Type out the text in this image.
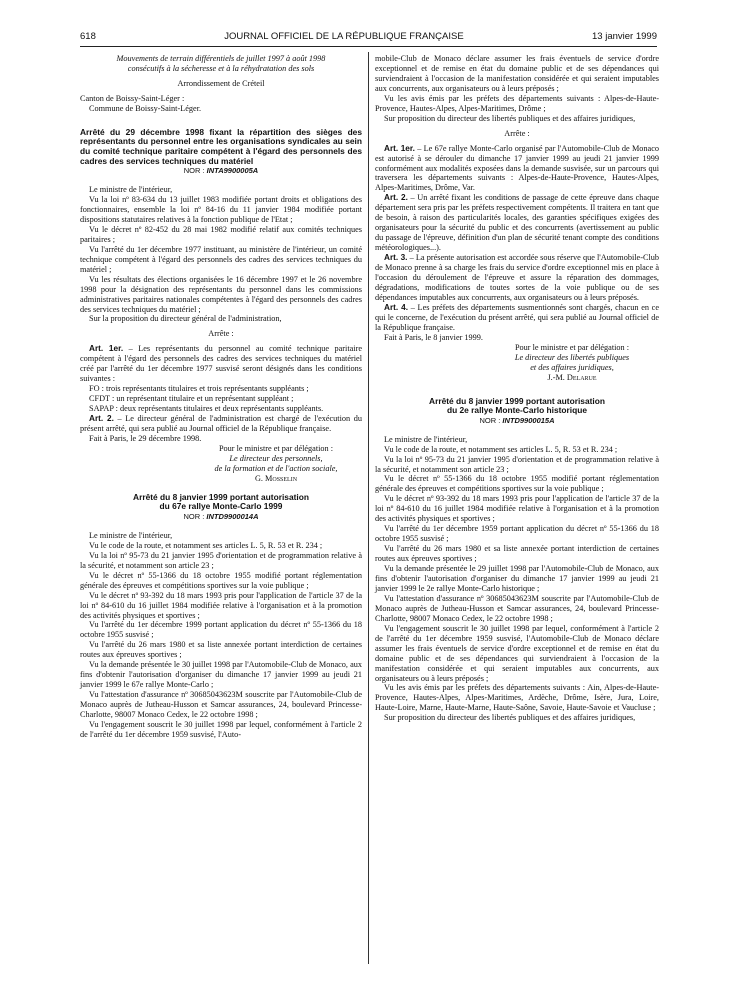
618	JOURNAL OFFICIEL DE LA RÉPUBLIQUE FRANÇAISE	13 janvier 1999

Mouvements de terrain différentiels de juillet 1997 à août 1998

consécutifs à la sécheresse et à la réhydratation des sols

Arrondissement de Créteil

Canton de Boissy-Saint-Léger :

Commune de Boissy-Saint-Léger.

Arrêté du 29 décembre 1998 fixant la répartition des sièges des représentants du personnel entre les organisations syndicales au sein du comité technique paritaire compétent à l'égard des personnels des cadres des services techniques du matériel

NOR : INTA9900005A

Le ministre de l'intérieur,

Vu la loi nº 83-634 du 13 juillet 1983 modifiée portant droits et obligations des fonctionnaires, ensemble la loi nº 84-16 du 11 janvier 1984 modifiée portant dispositions statutaires relatives à la fonction publique de l'Etat ;

Vu le décret nº 82-452 du 28 mai 1982 modifié relatif aux comités techniques paritaires ;

Vu l'arrêté du 1er décembre 1977 instituant, au ministère de l'intérieur, un comité technique compétent à l'égard des personnels des cadres des services techniques du matériel ;

Vu les résultats des élections organisées le 16 décembre 1997 et le 26 novembre 1998 pour la désignation des représentants du personnel dans les commissions administratives paritaires nationales compétentes à l'égard des personnels des cadres des services techniques du matériel ;

Sur la proposition du directeur général de l'administration,

Arrête :

Art. 1er. – Les représentants du personnel au comité technique paritaire compétent à l'égard des personnels des cadres des services techniques du matériel créé par l'arrêté du 1er décembre 1977 susvisé seront désignés dans les conditions suivantes :

FO : trois représentants titulaires et trois représentants suppléants ;

CFDT : un représentant titulaire et un représentant suppléant ;

SAPAP : deux représentants titulaires et deux représentants suppléants.

Art. 2. – Le directeur général de l'administration est chargé de l'exécution du présent arrêté, qui sera publié au Journal officiel de la République française.

Fait à Paris, le 29 décembre 1998.

Pour le ministre et par délégation :

Le directeur des personnels,

de la formation et de l'action sociale,

G. Mosselin

Arrêté du 8 janvier 1999 portant autorisation

du 67e rallye Monte-Carlo 1999

NOR : INTD9900014A

Le ministre de l'intérieur,

Vu le code de la route, et notamment ses articles L. 5, R. 53 et R. 234 ;

Vu la loi nº 95-73 du 21 janvier 1995 d'orientation et de programmation relative à la sécurité, et notamment son article 23 ;

Vu le décret nº 55-1366 du 18 octobre 1955 modifié portant réglementation générale des épreuves et compétitions sportives sur la voie publique ;

Vu le décret nº 93-392 du 18 mars 1993 pris pour l'application de l'article 37 de la loi nº 84-610 du 16 juillet 1984 modifiée relative à l'organisation et à la promotion des activités physiques et sportives ;

Vu l'arrêté du 1er décembre 1999 portant application du décret nº 55-1366 du 18 octobre 1955 susvisé ;

Vu l'arrêté du 26 mars 1980 et sa liste annexée portant interdiction de certaines routes aux épreuves sportives ;

Vu la demande présentée le 30 juillet 1998 par l'Automobile-Club de Monaco, aux fins d'obtenir l'autorisation d'organiser du dimanche 17 janvier 1999 au jeudi 21 janvier 1999 le 67e rallye Monte-Carlo ;

Vu l'attestation d'assurance nº 30685043623M souscrite par l'Automobile-Club de Monaco auprès de Jutheau-Husson et Samcar assurances, 24, boulevard Princesse-Charlotte, 98007 Monaco Cedex, le 22 octobre 1998 ;

Vu l'engagement souscrit le 30 juillet 1998 par lequel, conformément à l'article 2 de l'arrêté du 1er décembre 1959 susvisé, l'Auto-

mobile-Club de Monaco déclare assumer les frais éventuels de service d'ordre exceptionnel et de remise en état du domaine public et de ses dépendances qui surviendraient à l'occasion de la manifestation considérée et qui seraient imputables aux concurrents, aux organisateurs ou à leurs préposés ;

Vu les avis émis par les préfets des départements suivants : Alpes-de-Haute-Provence, Hautes-Alpes, Alpes-Maritimes, Drôme ;

Sur proposition du directeur des libertés publiques et des affaires juridiques,

Arrête :

Art. 1er. – Le 67e rallye Monte-Carlo organisé par l'Automobile-Club de Monaco est autorisé à se dérouler du dimanche 17 janvier 1999 au jeudi 21 janvier 1999 conformément aux modalités exposées dans la demande susvisée, sur un parcours qui traversera les départements suivants : Alpes-de-Haute-Provence, Hautes-Alpes, Alpes-Maritimes, Drôme, Var.

Art. 2. – Un arrêté fixant les conditions de passage de cette épreuve dans chaque département sera pris par les préfets respectivement compétents. Il traitera en tant que de besoin, à raison des particularités locales, des garanties spécifiques exigées des organisateurs pour la sécurité du public et des concurrents (avertissement au public du passage de l'épreuve, définition d'un plan de sécurité tenant compte des conditions météorologiques...).

Art. 3. – La présente autorisation est accordée sous réserve que l'Automobile-Club de Monaco prenne à sa charge les frais du service d'ordre exceptionnel mis en place à l'occasion du déroulement de l'épreuve et assure la réparation des dommages, dégradations, modifications de toutes sortes de la voie publique ou de ses dépendances imputables aux concurrents, aux organisateurs ou à leurs préposés.

Art. 4. – Les préfets des départements susmentionnés sont chargés, chacun en ce qui le concerne, de l'exécution du présent arrêté, qui sera publié au Journal officiel de la République française.

Fait à Paris, le 8 janvier 1999.

Pour le ministre et par délégation :

Le directeur des libertés publiques

et des affaires juridiques,

J.-M. Delarue

Arrêté du 8 janvier 1999 portant autorisation

du 2e rallye Monte-Carlo historique

NOR : INTD9900015A

Le ministre de l'intérieur,

Vu le code de la route, et notamment ses articles L. 5, R. 53 et R. 234 ;

Vu la loi nº 95-73 du 21 janvier 1995 d'orientation et de programmation relative à la sécurité, et notamment son article 23 ;

Vu le décret nº 55-1366 du 18 octobre 1955 modifié portant réglementation générale des épreuves et compétitions sportives sur la voie publique ;

Vu le décret nº 93-392 du 18 mars 1993 pris pour l'application de l'article 37 de la loi nº 84-610 du 16 juillet 1984 modifiée relative à l'organisation et à la promotion des activités physiques et sportives ;

Vu l'arrêté du 1er décembre 1959 portant application du décret nº 55-1366 du 18 octobre 1955 susvisé ;

Vu l'arrêté du 26 mars 1980 et sa liste annexée portant interdiction de certaines routes aux épreuves sportives ;

Vu la demande présentée le 29 juillet 1998 par l'Automobile-Club de Monaco, aux fins d'obtenir l'autorisation d'organiser du dimanche 17 janvier 1999 au jeudi 21 janvier 1999 le 2e rallye Monte-Carlo historique ;

Vu l'attestation d'assurance nº 30685043623M souscrite par l'Automobile-Club de Monaco auprès de Jutheau-Husson et Samcar assurances, 24, boulevard Princesse-Charlotte, 98007 Monaco Cedex, le 22 octobre 1998 ;

Vu l'engagement souscrit le 30 juillet 1998 par lequel, conformément à l'article 2 de l'arrêté du 1er décembre 1959 susvisé, l'Automobile-Club de Monaco déclare assumer les frais éventuels de service d'ordre exceptionnel et de remise en état du domaine public et de ses dépendances qui surviendraient à l'occasion de la manifestation considérée et qui seraient imputables aux concurrents, aux organisateurs ou à leurs préposés ;

Vu les avis émis par les préfets des départements suivants : Ain, Alpes-de-Haute-Provence, Hautes-Alpes, Alpes-Maritimes, Ardèche, Drôme, Isère, Jura, Loire, Haute-Loire, Marne, Haute-Marne, Haute-Saône, Savoie, Haute-Savoie et Vaucluse ;

Sur proposition du directeur des libertés publiques et des affaires juridiques,
